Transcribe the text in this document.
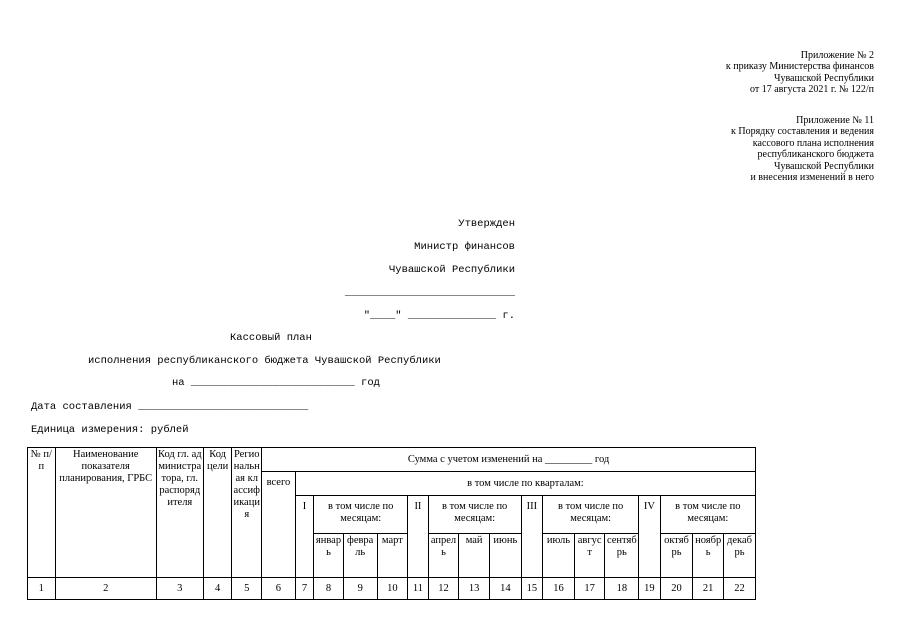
Приложение № 2
к приказу Министерства финансов
Чувашской Республики
от 17 августа 2021 г. № 122/п
Приложение № 11
к Порядку составления и ведения
кассового плана исполнения
республиканского бюджета
Чувашской Республики
и внесения изменений в него
Утвержден
Министр финансов
Чувашской Республики
___________________________
"____" ______________ г.
Кассовый план
исполнения республиканского бюджета Чувашской Республики
на __________________________ год
Дата составления ___________________________
Единица измерения: рублей
№ п/п	Наименование показателя планирования, ГРБС	Код гл. администратора, гл. распорядителя	Код цели	Региональная классификация	Сумма с учетом изменений на _________ год																
					всего	в том числе по кварталам:															
						I	в том числе по месяцам:			II	в том числе по месяцам:			III	в том числе по месяцам:			IV	в том числе по месяцам:		
							январь	февраль	март		апрель	май	июнь		июль	август	сентябрь		октябрь	ноябрь	декабрь
1	2	3	4	5	6	7	8	9	10	11	12	13	14	15	16	17	18	19	20	21	22
